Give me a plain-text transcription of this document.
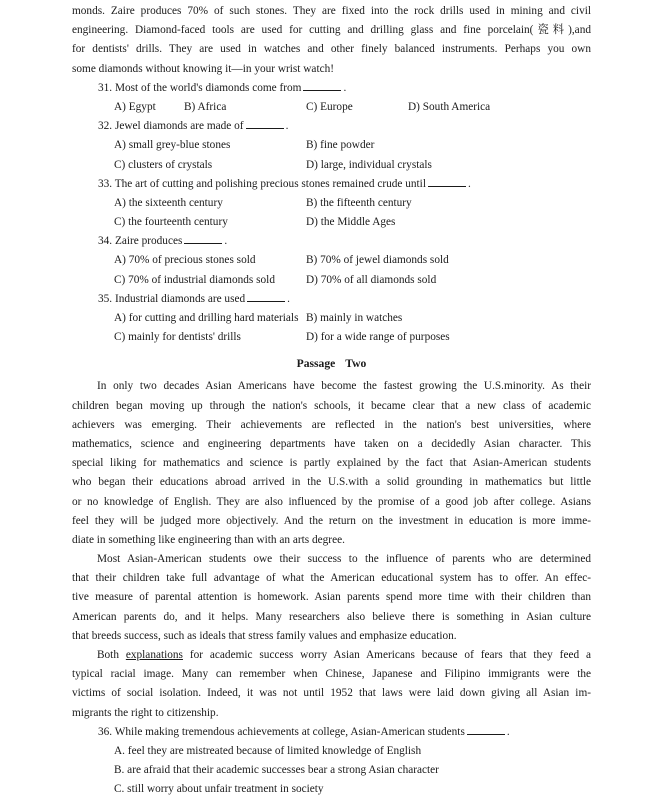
monds. Zaire produces 70% of such stones. They are fixed into the rock drills used in mining and civil
engineering. Diamond-faced tools are used for cutting and drilling glass and fine porcelain(瓷料),and
for dentists' drills. They are used in watches and other finely balanced instruments. Perhaps you own
some diamonds without knowing it—in your wrist watch!
31. Most of the world's diamonds come from	.
A) Egypt	B) Africa	C) Europe	D) South America
32. Jewel diamonds are made of	.
A) small grey-blue stones	B) fine powder
C) clusters of crystals	D) large, individual crystals
33. The art of cutting and polishing precious stones remained crude until	.
A) the sixteenth century	B) the fifteenth century
C) the fourteenth century	D) the Middle Ages
34. Zaire produces	.
A) 70% of precious stones sold	B) 70% of jewel diamonds sold
C) 70% of industrial diamonds sold	D) 70% of all diamonds sold
35. Industrial diamonds are used	.
A) for cutting and drilling hard materials B) mainly in watches
C) mainly for dentists' drills	D) for a wide range of purposes
Passage Two
In only two decades Asian Americans have become the fastest growing the U.S.minority. As their
children began moving up through the nation's schools, it became clear that a new class of academic
achievers was emerging. Their achievements are reflected in the nation's best universities, where
mathematics, science and engineering departments have taken on a decidedly Asian character. This
special liking for mathematics and science is partly explained by the fact that Asian-American students
who began their educations abroad arrived in the U.S.with a solid grounding in mathematics but little
or no knowledge of English. They are also influenced by the promise of a good job after college. Asians
feel they will be judged more objectively. And the return on the investment in education is more imme-
diate in something like engineering than with an arts degree.
Most Asian-American students owe their success to the influence of parents who are determined
that their children take full advantage of what the American educational system has to offer. An effec-
tive measure of parental attention is homework. Asian parents spend more time with their children than
American parents do, and it helps. Many researchers also believe there is something in Asian culture
that breeds success, such as ideals that stress family values and emphasize education.
Both explanations for academic success worry Asian Americans because of fears that they feed a
typical racial image. Many can remember when Chinese, Japanese and Filipino immigrants were the
victims of social isolation. Indeed, it was not until 1952 that laws were laid down giving all Asian im-
migrants the right to citizenship.
36. While making tremendous achievements at college, Asian-American students	.
A. feel they are mistreated because of limited knowledge of English
B. are afraid that their academic successes bear a strong Asian character
C. still worry about unfair treatment in society
